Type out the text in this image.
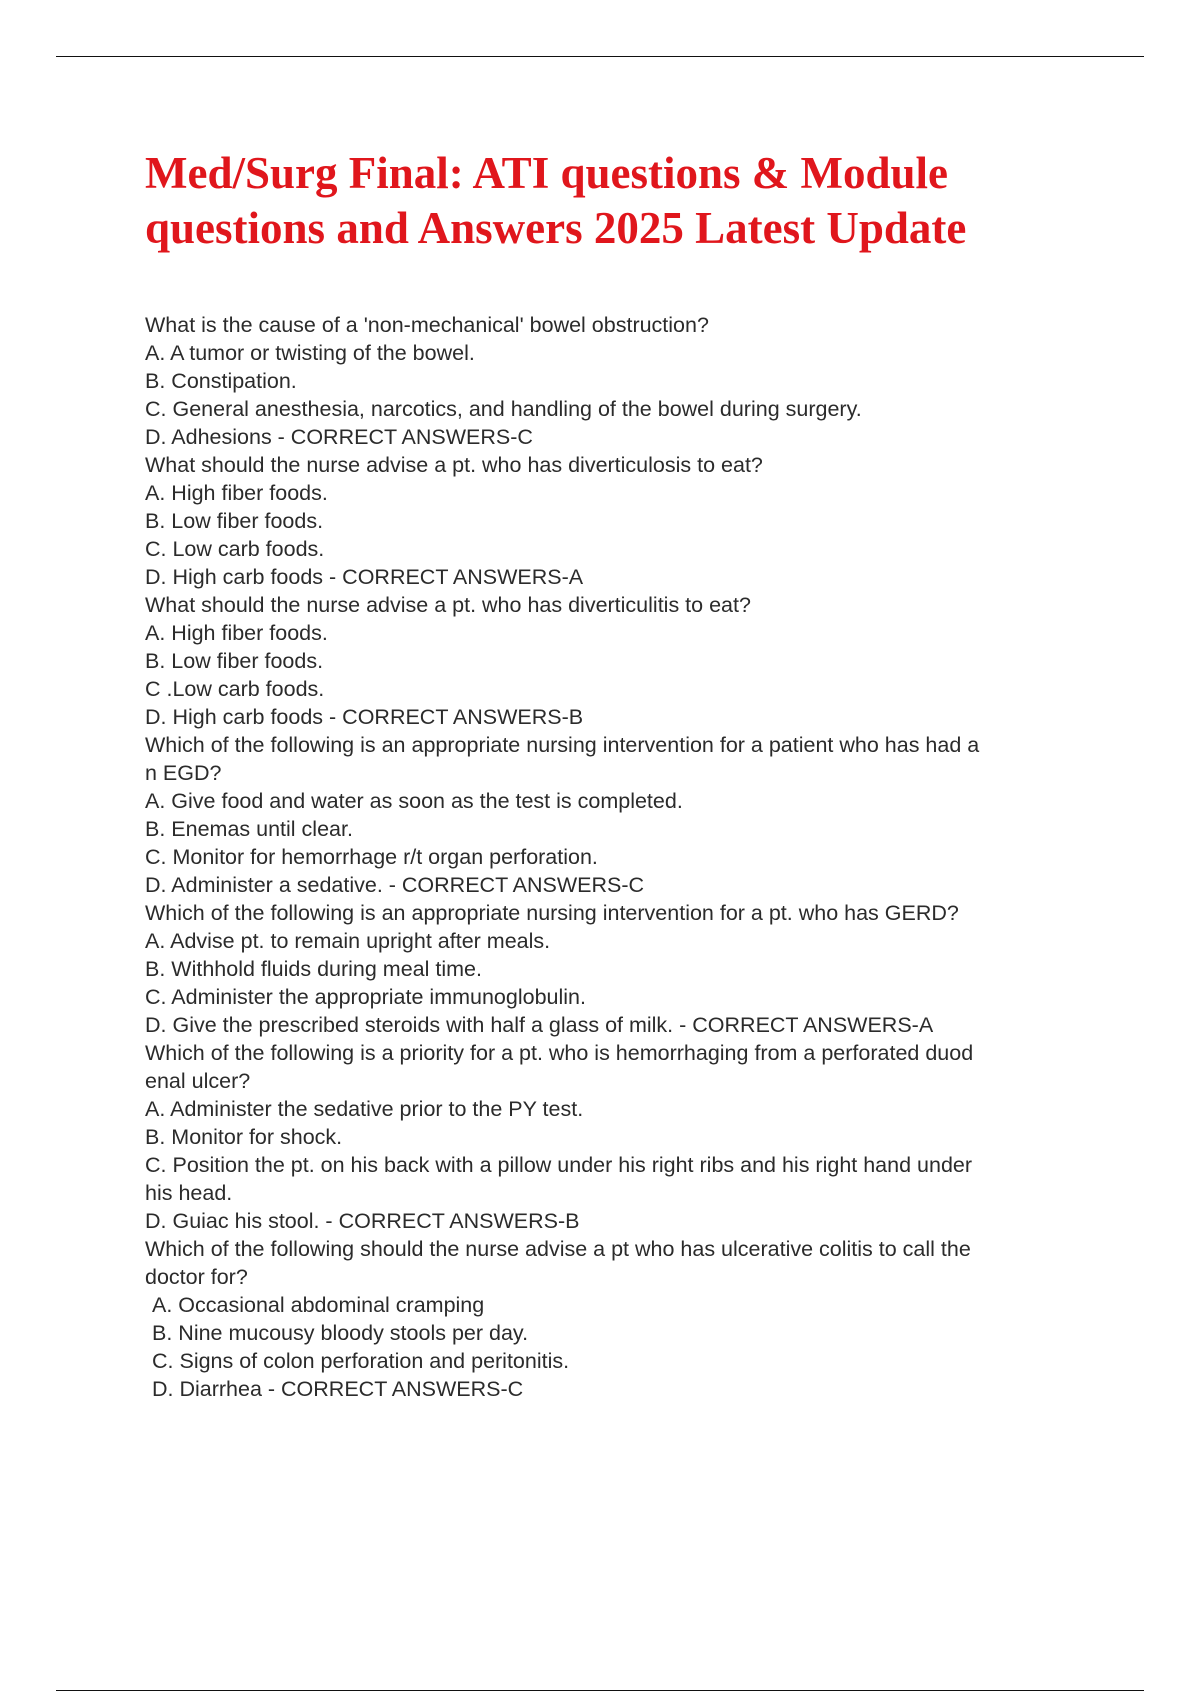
Med/Surg Final: ATI questions & Module
questions and Answers 2025 Latest Update
What is the cause of a 'non-mechanical' bowel obstruction?
A. A tumor or twisting of the bowel.
B. Constipation.
C. General anesthesia, narcotics, and handling of the bowel during surgery.
D. Adhesions - CORRECT ANSWERS-C
What should the nurse advise a pt. who has diverticulosis to eat?
A. High fiber foods.
B. Low fiber foods.
C. Low carb foods.
D. High carb foods - CORRECT ANSWERS-A
What should the nurse advise a pt. who has diverticulitis to eat?
A. High fiber foods.
B. Low fiber foods.
C .Low carb foods.
D. High carb foods - CORRECT ANSWERS-B
Which of the following is an appropriate nursing intervention for a patient who has had a
n EGD?
A. Give food and water as soon as the test is completed.
B. Enemas until clear.
C. Monitor for hemorrhage r/t organ perforation.
D. Administer a sedative. - CORRECT ANSWERS-C
Which of the following is an appropriate nursing intervention for a pt. who has GERD?
A. Advise pt. to remain upright after meals.
B. Withhold fluids during meal time.
C. Administer the appropriate immunoglobulin.
D. Give the prescribed steroids with half a glass of milk. - CORRECT ANSWERS-A
Which of the following is a priority for a pt. who is hemorrhaging from a perforated duod
enal ulcer?
A. Administer the sedative prior to the PY test.
B. Monitor for shock.
C. Position the pt. on his back with a pillow under his right ribs and his right hand under
his head.
D. Guiac his stool. - CORRECT ANSWERS-B
Which of the following should the nurse advise a pt who has ulcerative colitis to call the
doctor for?
A. Occasional abdominal cramping
B. Nine mucousy bloody stools per day.
C. Signs of colon perforation and peritonitis.
D. Diarrhea - CORRECT ANSWERS-C
